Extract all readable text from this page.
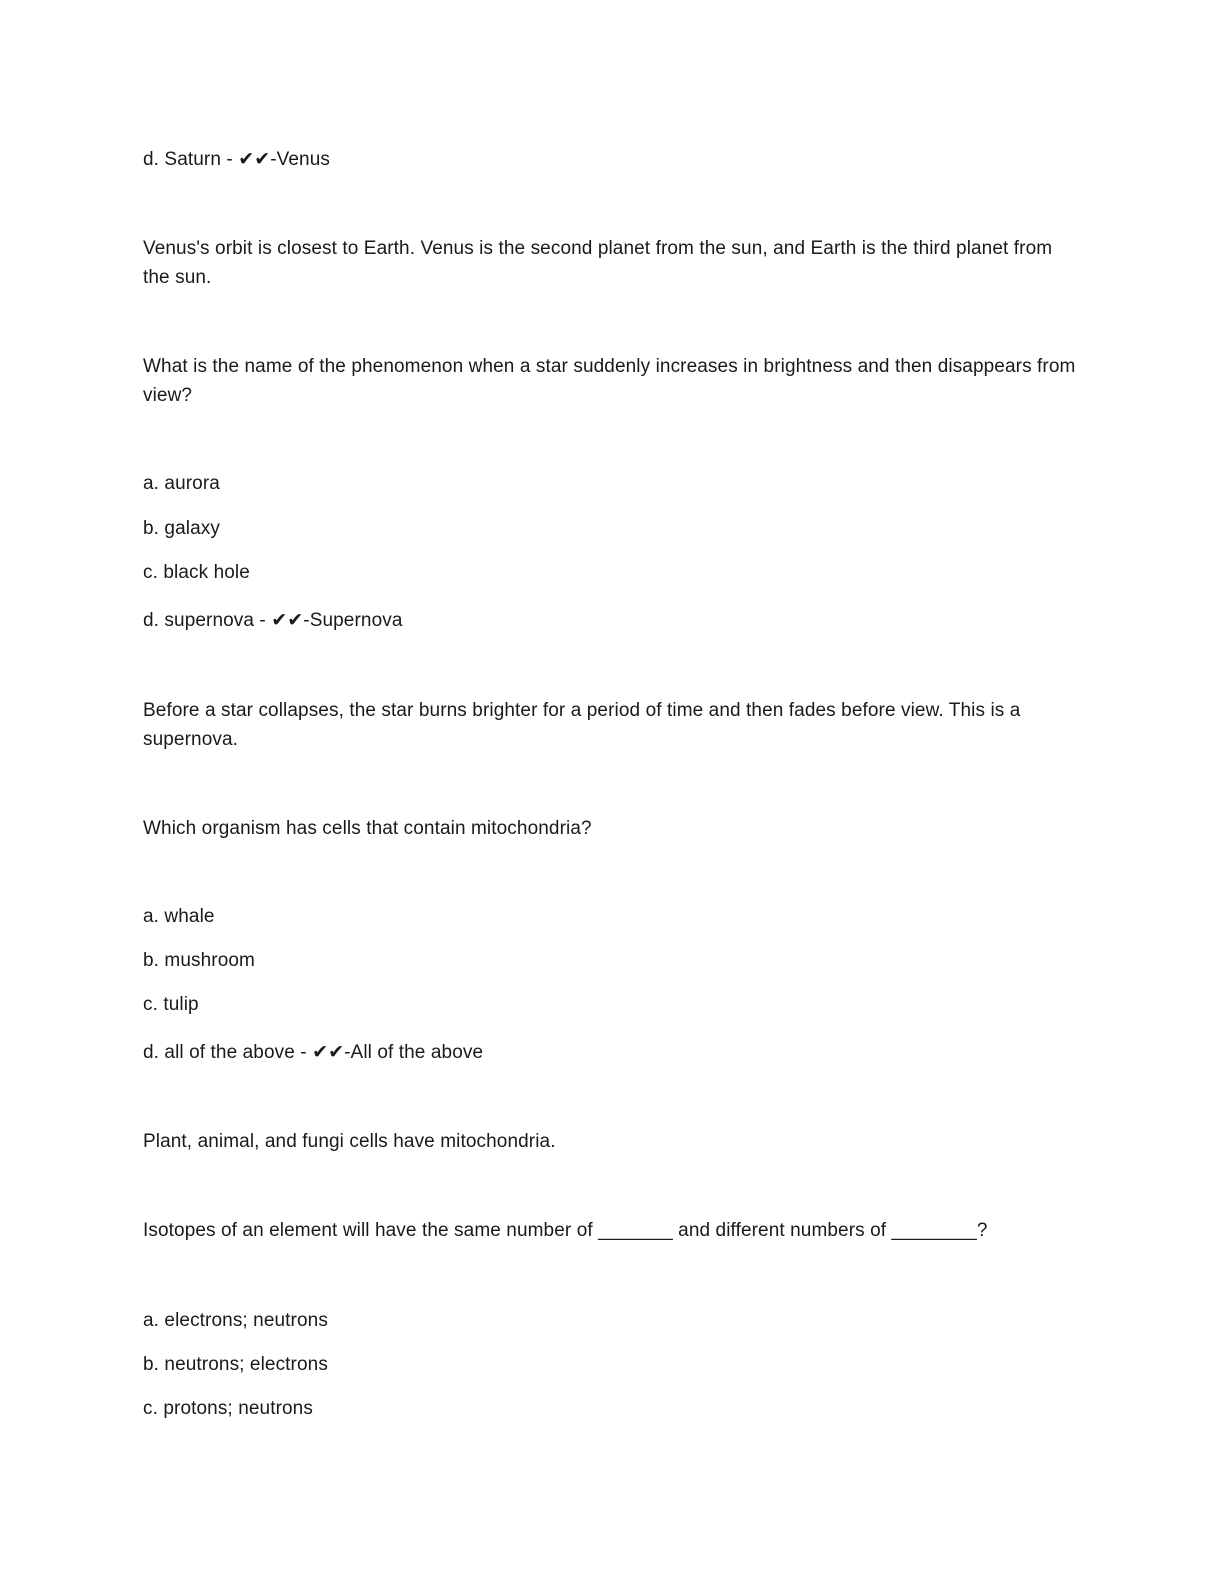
d. Saturn - ✔✔-Venus
Venus's orbit is closest to Earth. Venus is the second planet from the sun, and Earth is the third planet from the sun.
What is the name of the phenomenon when a star suddenly increases in brightness and then disappears from view?
a. aurora
b. galaxy
c. black hole
d. supernova - ✔✔-Supernova
Before a star collapses, the star burns brighter for a period of time and then fades before view. This is a supernova.
Which organism has cells that contain mitochondria?
a. whale
b. mushroom
c. tulip
d. all of the above - ✔✔-All of the above
Plant, animal, and fungi cells have mitochondria.
Isotopes of an element will have the same number of _______ and different numbers of ________?
a. electrons; neutrons
b. neutrons; electrons
c. protons; neutrons
